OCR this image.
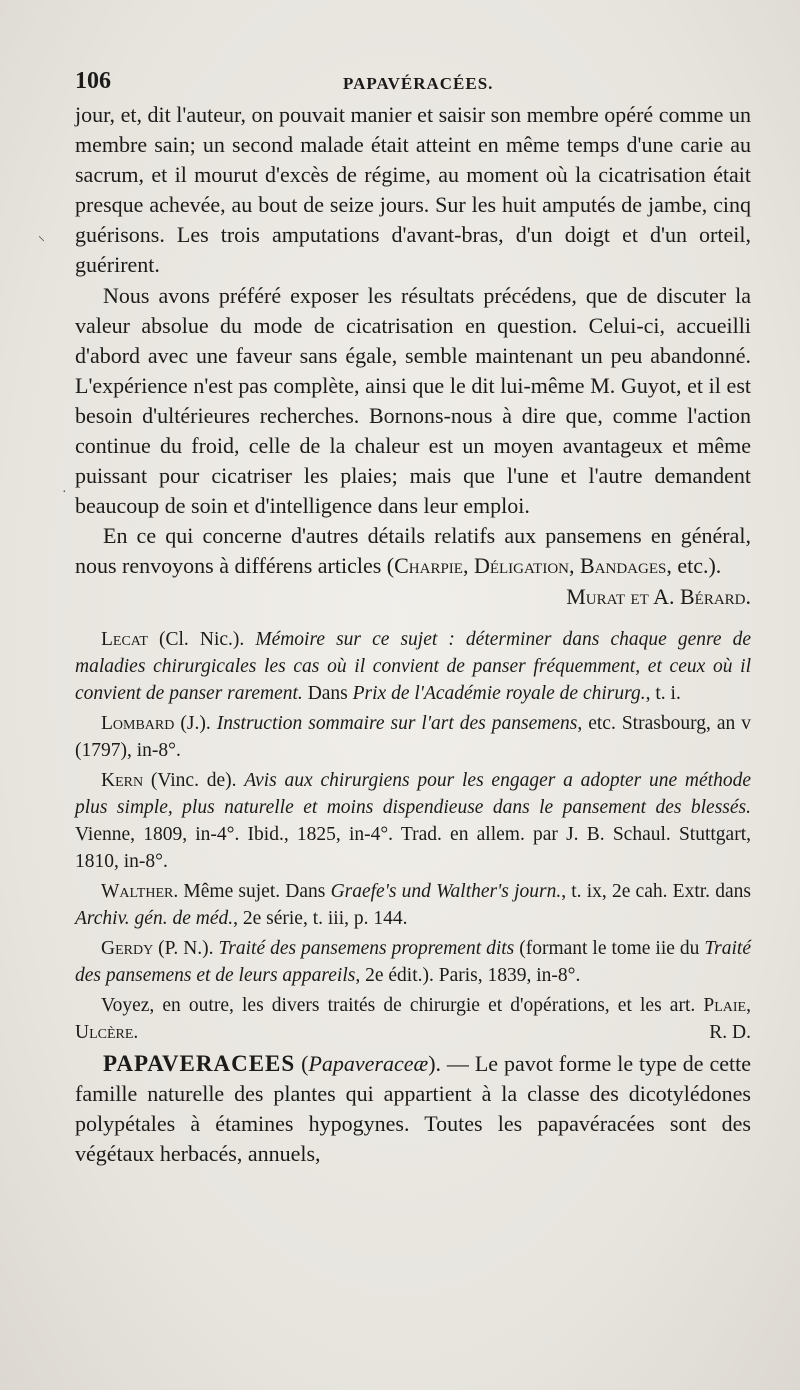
106	PAPAVÉRACÉES.
⸌
·

jour, et, dit l'auteur, on pouvait manier et saisir son membre opéré comme un membre sain; un second malade était atteint en même temps d'une carie au sacrum, et il mourut d'excès de régime, au moment où la cicatrisation était presque achevée, au bout de seize jours. Sur les huit amputés de jambe, cinq guérisons. Les trois amputations d'avant-bras, d'un doigt et d'un orteil, guérirent.

Nous avons préféré exposer les résultats précédens, que de discuter la valeur absolue du mode de cicatrisation en question. Celui-ci, accueilli d'abord avec une faveur sans égale, semble maintenant un peu abandonné. L'expérience n'est pas complète, ainsi que le dit lui-même M. Guyot, et il est besoin d'ultérieures recherches. Bornons-nous à dire que, comme l'action continue du froid, celle de la chaleur est un moyen avantageux et même puissant pour cicatriser les plaies; mais que l'une et l'autre demandent beaucoup de soin et d'intelligence dans leur emploi.

En ce qui concerne d'autres détails relatifs aux pansemens en général, nous renvoyons à différens articles (Charpie, Déligation, Bandages, etc.).
Murat et A. Bérard.

Lecat (Cl. Nic.). Mémoire sur ce sujet : déterminer dans chaque genre de maladies chirurgicales les cas où il convient de panser fréquemment, et ceux où il convient de panser rarement. Dans Prix de l'Académie royale de chirurg., t. i.

Lombard (J.). Instruction sommaire sur l'art des pansemens, etc. Strasbourg, an v (1797), in-8°.

Kern (Vinc. de). Avis aux chirurgiens pour les engager a adopter une méthode plus simple, plus naturelle et moins dispendieuse dans le pansement des blessés. Vienne, 1809, in-4°. Ibid., 1825, in-4°. Trad. en allem. par J. B. Schaul. Stuttgart, 1810, in-8°.

Walther. Même sujet. Dans Graefe's und Walther's journ., t. ix, 2e cah. Extr. dans Archiv. gén. de méd., 2e série, t. iii, p. 144.

Gerdy (P. N.). Traité des pansemens proprement dits (formant le tome iie du Traité des pansemens et de leurs appareils, 2e édit.). Paris, 1839, in-8°.

Voyez, en outre, les divers traités de chirurgie et d'opérations, et les art. Plaie, Ulcère.	R. D.

PAPAVERACEES (Papaveraceæ). — Le pavot forme le type de cette famille naturelle des plantes qui appartient à la classe des dicotylédones polypétales à étamines hypogynes. Toutes les papavéracées sont des végétaux herbacés, annuels,
